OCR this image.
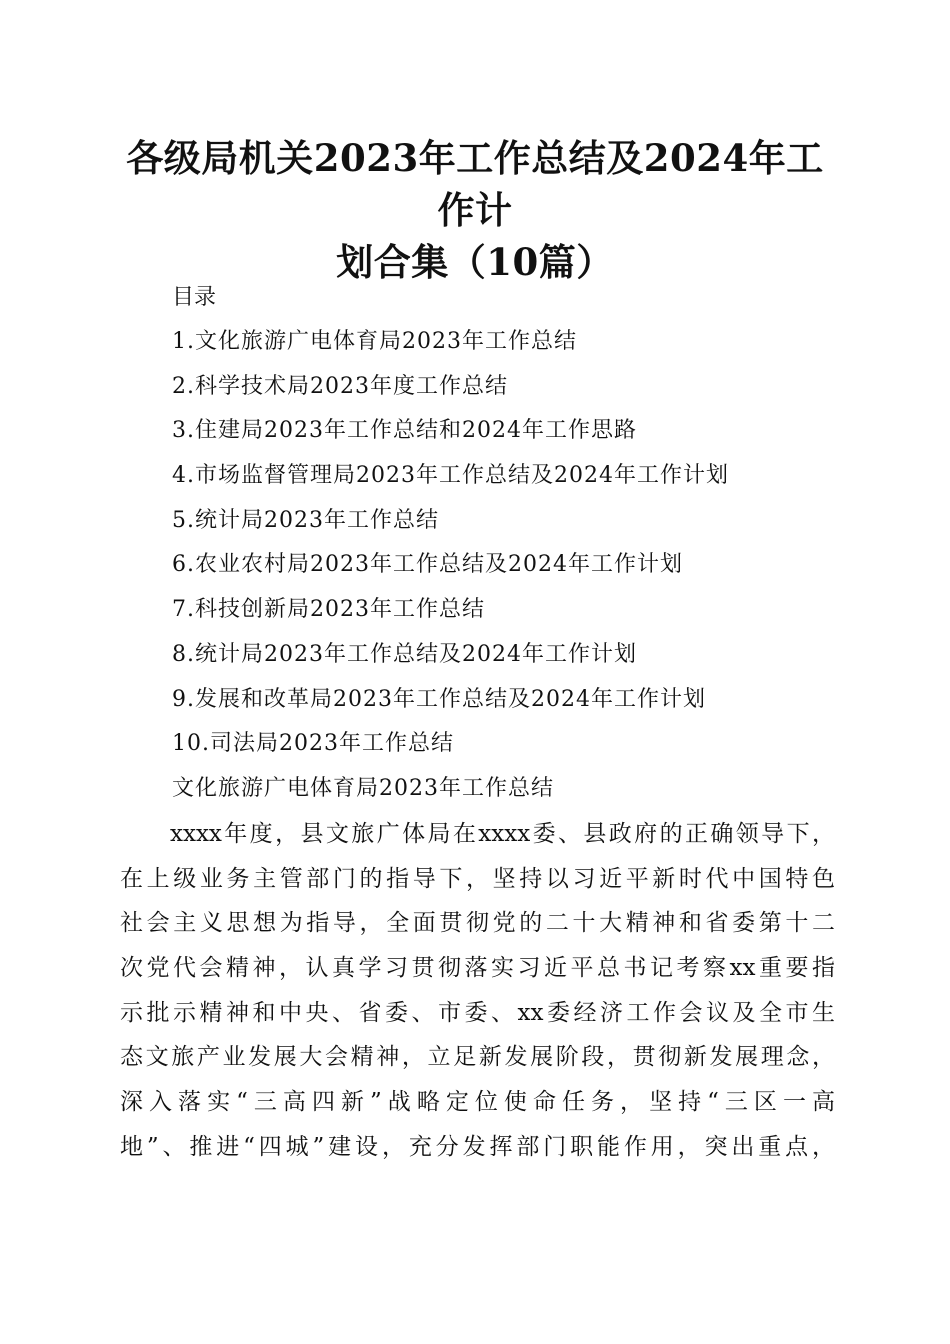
各级局机关2023年工作总结及2024年工作计
划合集（10篇）
目录
1.文化旅游广电体育局2023年工作总结
2.科学技术局2023年度工作总结
3.住建局2023年工作总结和2024年工作思路
4.市场监督管理局2023年工作总结及2024年工作计划
5.统计局2023年工作总结
6.农业农村局2023年工作总结及2024年工作计划
7.科技创新局2023年工作总结
8.统计局2023年工作总结及2024年工作计划
9.发展和改革局2023年工作总结及2024年工作计划
10.司法局2023年工作总结
文化旅游广电体育局2023年工作总结
xxxx年度，县文旅广体局在xxxx委、县政府的正确领导下，
在上级业务主管部门的指导下，坚持以习近平新时代中国特色
社会主义思想为指导，全面贯彻党的二十大精神和省委第十二
次党代会精神，认真学习贯彻落实习近平总书记考察xx重要指
示批示精神和中央、省委、市委、xx委经济工作会议及全市生
态文旅产业发展大会精神，立足新发展阶段，贯彻新发展理念，
深入落实“三高四新”战略定位使命任务，坚持“三区一高
地”、推进“四城”建设，充分发挥部门职能作用，突出重点，
